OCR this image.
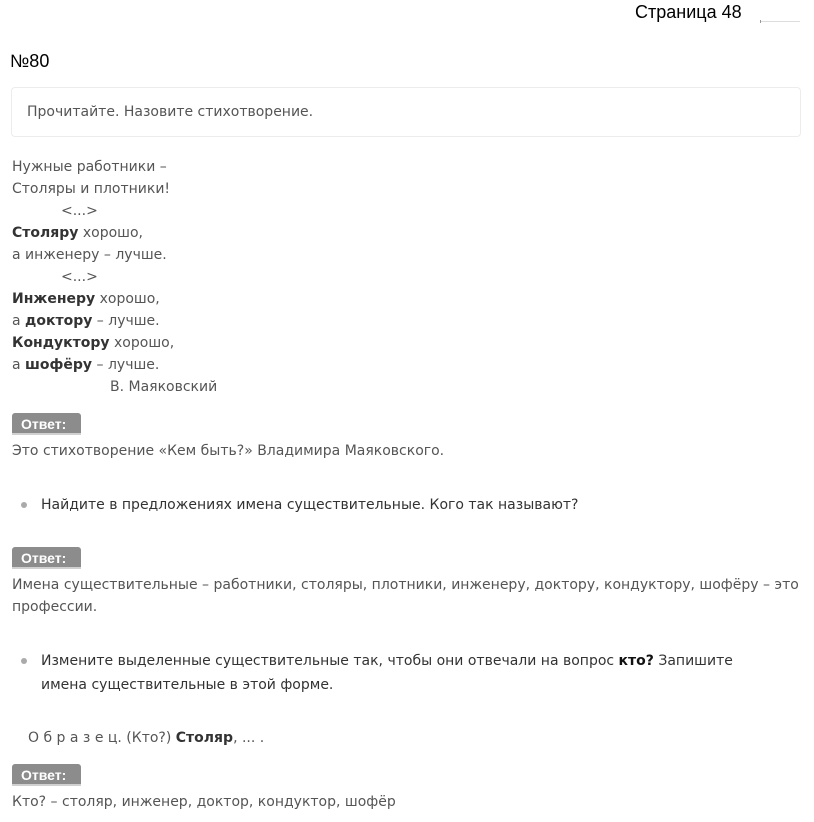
Страница 48
№80
Прочитайте. Назовите стихотворение.
Нужные работники –
Столяры и плотники!
<...>
Столяру хорошо,
а инженеру – лучше.
<...>
Инженеру хорошо,
а доктору – лучше.
Кондуктору хорошо,
а шофёру – лучше.
В. Маяковский
Ответ:
Это стихотворение «Кем быть?» Владимира Маяковского.
Найдите в предложениях имена существительные. Кого так называют?
Ответ:
Имена существительные – работники, столяры, плотники, инженеру, доктору, кондуктору, шофёру – это профессии.
Измените выделенные существительные так, чтобы они отвечали на вопрос кто? Запишите имена существительные в этой форме.
О б р а з е ц. (Кто?) Столяр, ... .
Ответ:
Кто? – столяр, инженер, доктор, кондуктор, шофёр
